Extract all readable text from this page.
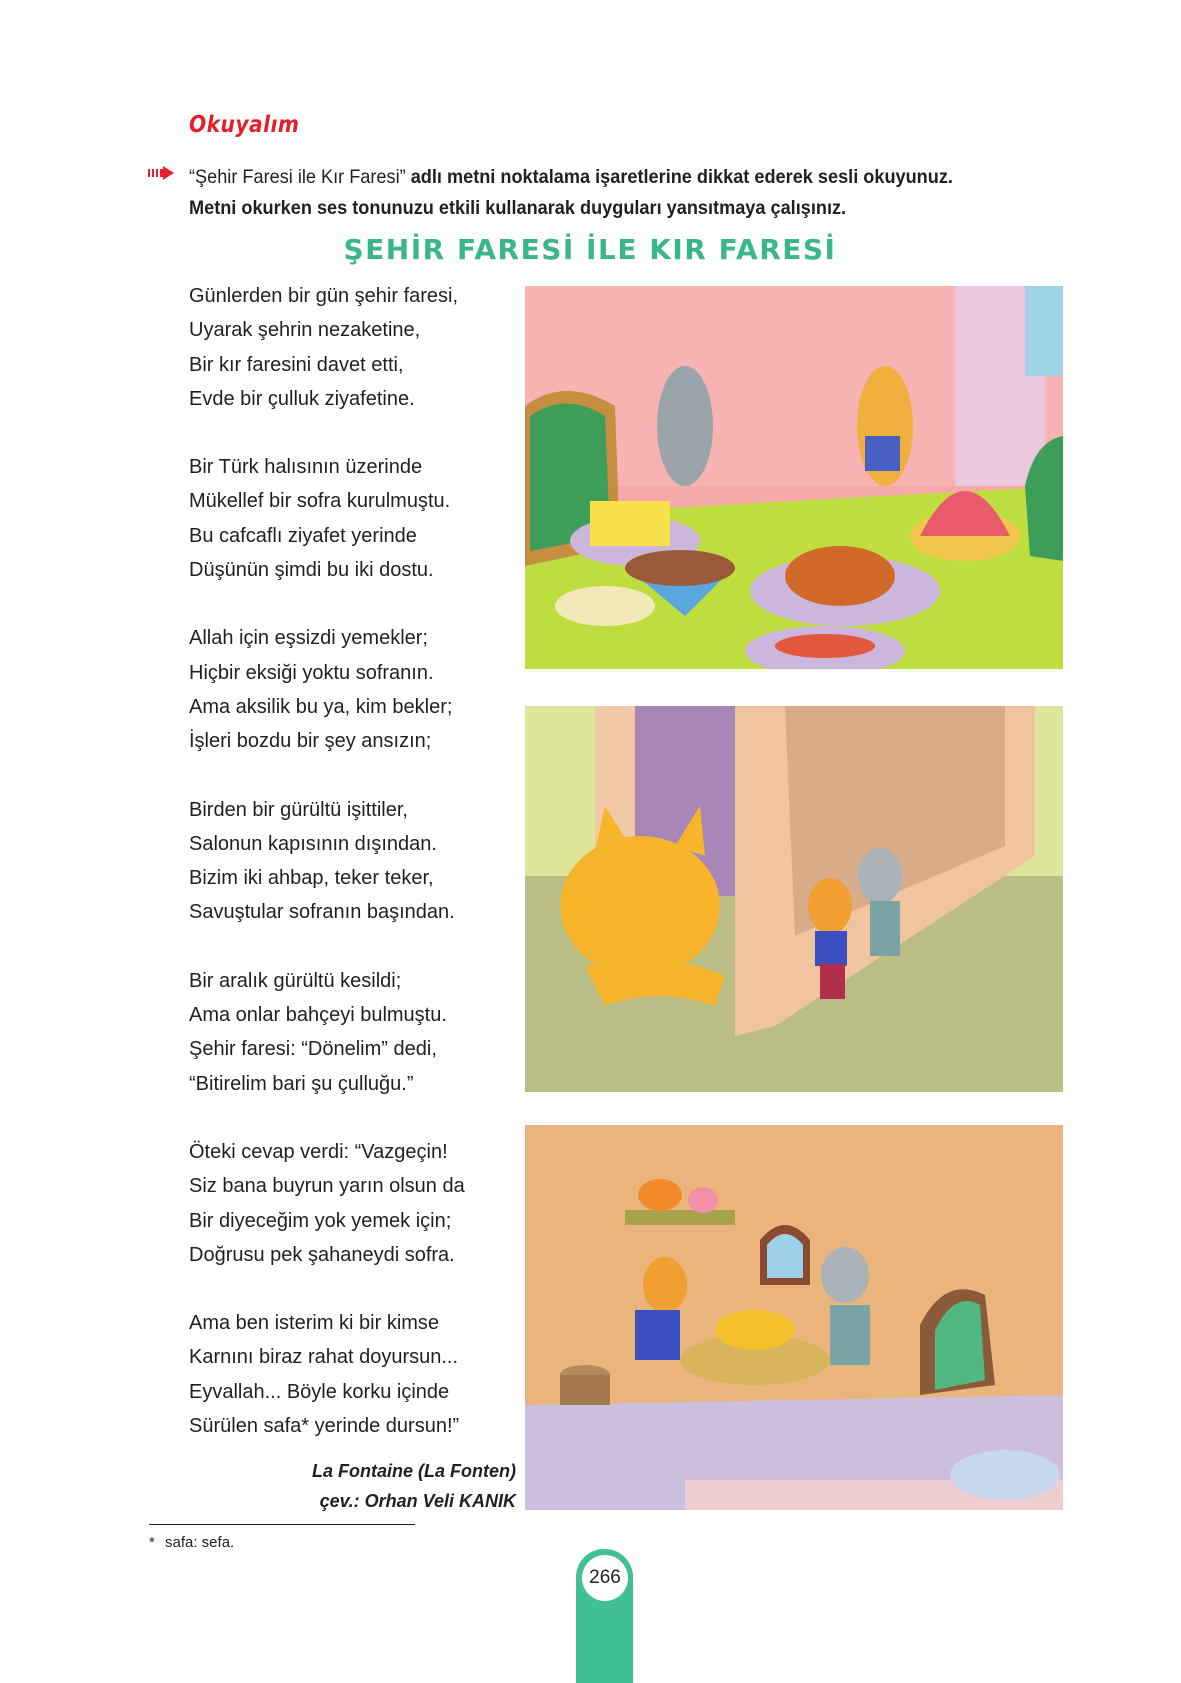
Okuyalım

“Şehir Faresi ile Kır Faresi” adlı metni noktalama işaretlerine dikkat ederek sesli okuyunuz.

Metni okurken ses tonunuzu etkili kullanarak duyguları yansıtmaya çalışınız.

ŞEHİR FARESİ İLE KIR FARESİ
Günlerden bir gün şehir faresi,
Uyarak şehrin nezaketine,
Bir kır faresini davet etti,
Evde bir çulluk ziyafetine.
Bir Türk halısının üzerinde
Mükellef bir sofra kurulmuştu.
Bu cafcaflı ziyafet yerinde
Düşünün şimdi bu iki dostu.
Allah için eşsizdi yemekler;
Hiçbir eksiği yoktu sofranın.
Ama aksilik bu ya, kim bekler;
İşleri bozdu bir şey ansızın;
Birden bir gürültü işittiler,
Salonun kapısının dışından.
Bizim iki ahbap, teker teker,
Savuştular sofranın başından.
Bir aralık gürültü kesildi;
Ama onlar bahçeyi bulmuştu.
Şehir faresi: “Dönelim” dedi,
“Bitirelim bari şu çulluğu.”
Öteki cevap verdi: “Vazgeçin!
Siz bana buyrun yarın olsun da
Bir diyeceğim yok yemek için;
Doğrusu pek şahaneydi sofra.
Ama ben isterim ki bir kimse
Karnını biraz rahat doyursun...
Eyvallah... Böyle korku içinde
Sürülen safa* yerinde dursun!”
La Fontaine (La Fonten)
çev.: Orhan Veli KANIK
* safa: sefa.
266
